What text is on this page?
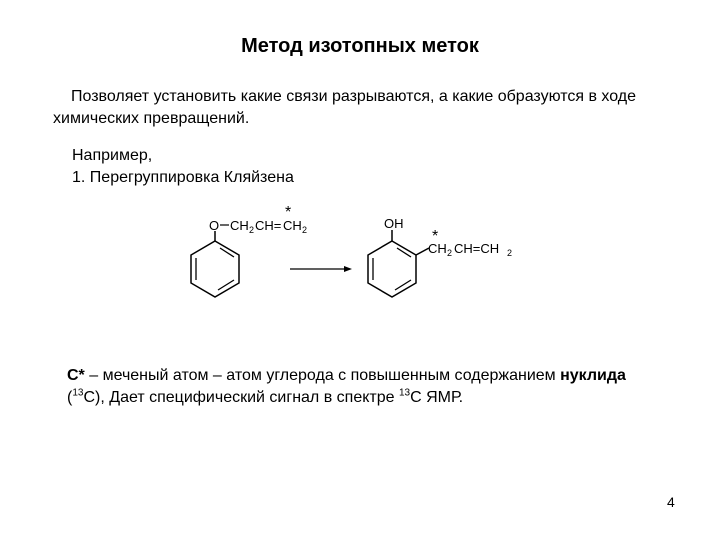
Метод изотопных меток
Позволяет установить какие связи разрываются, а какие образуются в ходе химических превращений.
Например,
1. Перегруппировка Кляйзена
O CH 2 CH= CH 2
*
OH
*
CH 2 CH=CH 2
C* – меченый атом – атом углерода с повышенным содержанием нуклида ($^{13}$C), Дает специфический сигнал в спектре $^{13}$C ЯМР.
4
